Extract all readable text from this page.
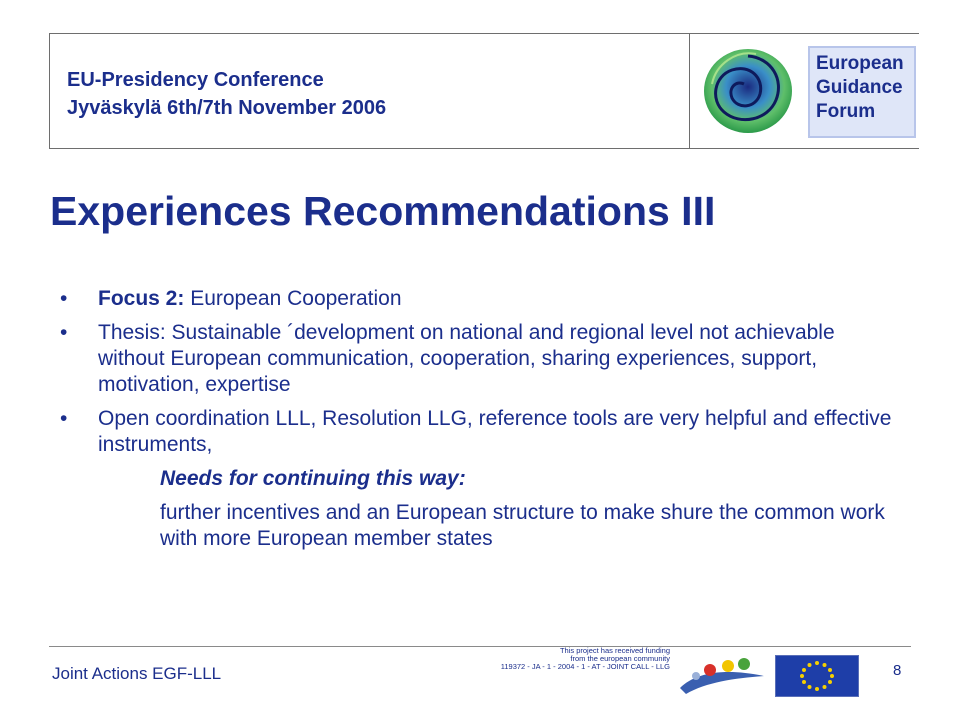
EU-Presidency Conference
Jyväskylä 6th/7th November 2006
European
Guidance
Forum
Experiences Recommendations III
• Focus 2: European Cooperation
• Thesis: Sustainable ´development on national and regional level not achievable without European communication, cooperation, sharing experiences, support, motivation, expertise
• Open coordination LLL, Resolution LLG, reference tools are very helpful and effective instruments,
Needs for continuing this way:
further incentives and an European structure to make shure the common work with more European member states
Joint Actions EGF-LLL
This project has received funding
from the european community
119372 - JA - 1 - 2004 - 1 - AT - JOINT CALL - LLG	8
